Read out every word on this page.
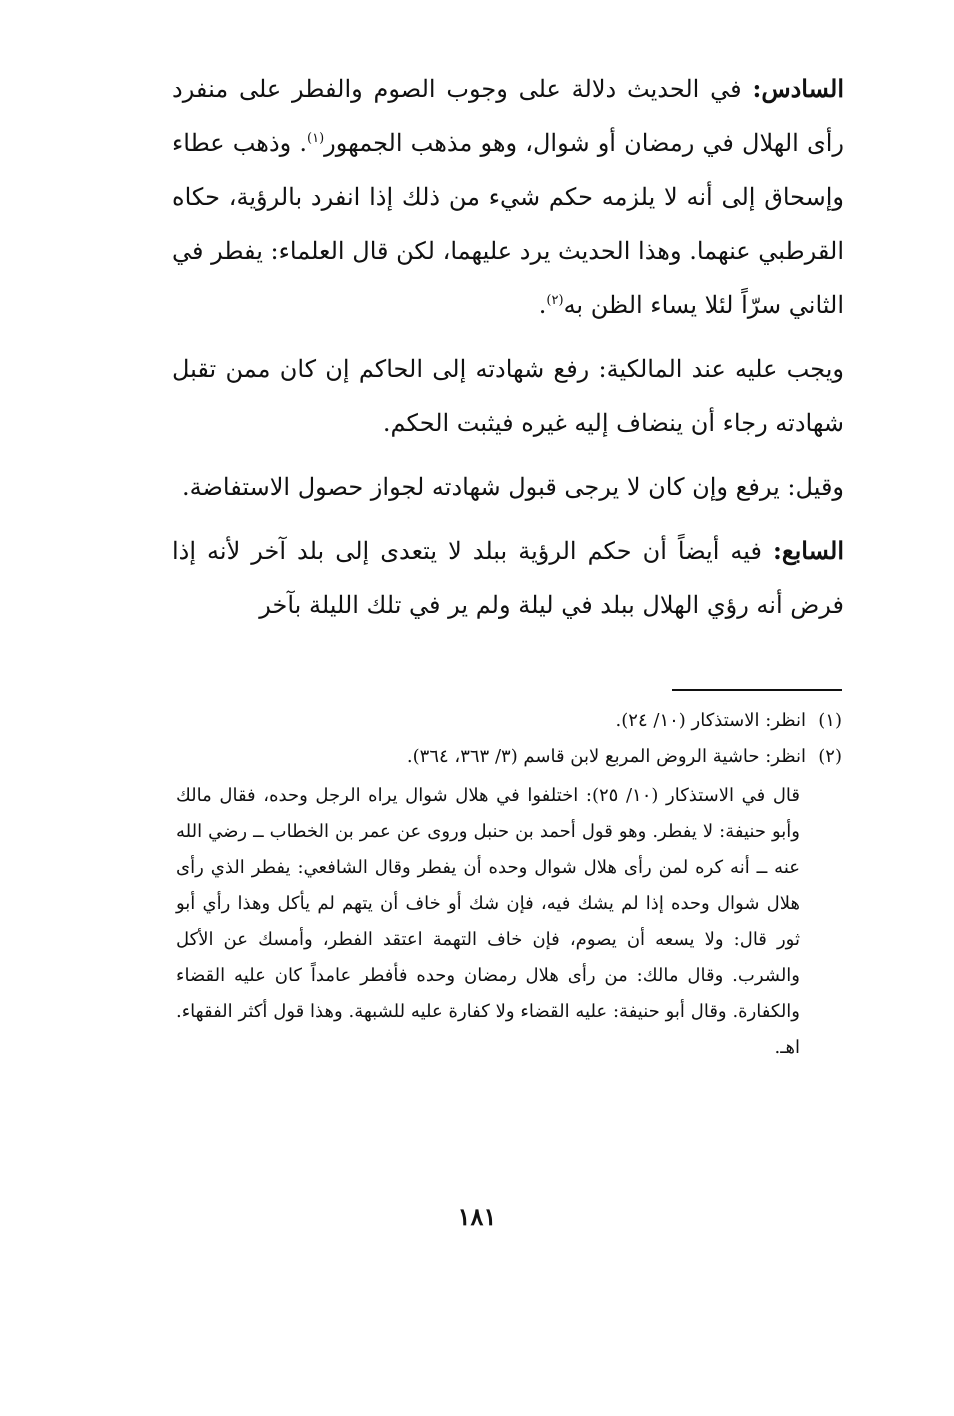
السادس: في الحديث دلالة على وجوب الصوم والفطر على منفرد رأى الهلال في رمضان أو شوال، وهو مذهب الجمهور$^{(١)}$. وذهب عطاء وإسحاق إلى أنه لا يلزمه حكم شيء من ذلك إذا انفرد بالرؤية، حكاه القرطبي عنهما. وهذا الحديث يرد عليهما، لكن قال العلماء: يفطر في الثاني سرّاً لئلا يساء الظن به$^{(٢)}$.

ويجب عليه عند المالكية: رفع شهادته إلى الحاكم إن كان ممن تقبل شهادته رجاء أن ينضاف إليه غيره فيثبت الحكم.

وقيل: يرفع وإن كان لا يرجى قبول شهادته لجواز حصول الاستفاضة.

السابع: فيه أيضاً أن حكم الرؤية ببلد لا يتعدى إلى بلد آخر لأنه إذا فرض أنه رؤي الهلال ببلد في ليلة ولم ير في تلك الليلة بآخر

(١)انظر: الاستذكار (١٠/ ٢٤).

(٢)انظر: حاشية الروض المربع لابن قاسم (٣/ ٣٦٣، ٣٦٤).

قال في الاستذكار (١٠/ ٢٥): اختلفوا في هلال شوال يراه الرجل وحده، فقال مالك وأبو حنيفة: لا يفطر. وهو قول أحمد بن حنبل وروى عن عمر بن الخطاب ــ رضي الله عنه ــ أنه كره لمن رأى هلال شوال وحده أن يفطر وقال الشافعي: يفطر الذي رأى هلال شوال وحده إذا لم يشك فيه، فإن شك أو خاف أن يتهم لم يأكل وهذا رأي أبو ثور قال: ولا يسعه أن يصوم، فإن خاف التهمة اعتقد الفطر، وأمسك عن الأكل والشرب. وقال مالك: من رأى هلال رمضان وحده فأفطر عامداً كان عليه القضاء والكفارة. وقال أبو حنيفة: عليه القضاء ولا كفارة عليه للشبهة. وهذا قول أكثر الفقهاء. اهـ.

١٨١
